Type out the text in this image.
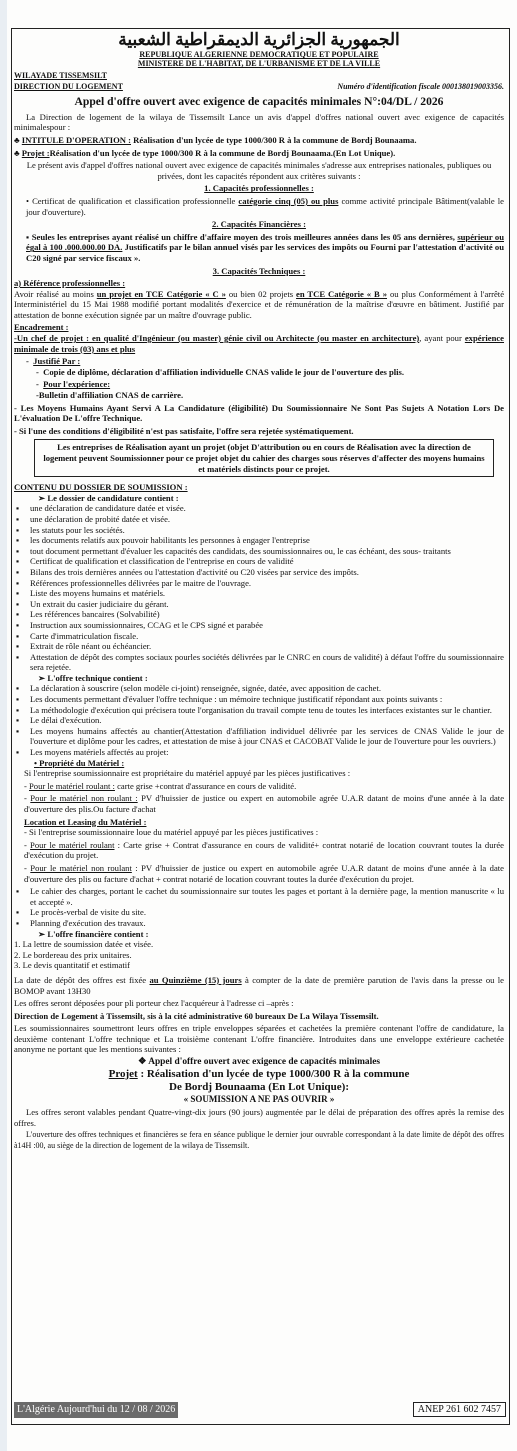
الجمهورية الجزائرية الديمقراطية الشعبية
REPUBLIQUE ALGERIENNE DEMOCRATIQUE ET POPULAIRE
MINISTERE DE L'HABITAT, DE L'URBANISME ET DE LA VILLE
WILAYADE TISSEMSILT
DIRECTION DU LOGEMENT	Numéro d'identification fiscale 000138019003356.
Appel d'offre ouvert avec exigence de capacités minimales N°:04/DL / 2026

La Direction de logement de la wilaya de Tissemsilt Lance un avis d'appel d'offres national ouvert avec exigence de capacités minimalespour :

♣ INTITULE D'OPERATION : Réalisation d'un lycée de type 1000/300 R à la commune de Bordj Bounaama.

♣ Projet :Réalisation d'un lycée de type 1000/300 R à la commune de Bordj Bounaama.(En Lot Unique).

Le présent avis d'appel d'offres national ouvert avec exigence de capacités minimales s'adresse aux entreprises nationales, publiques ou privées, dont les capacités répondent aux critères suivants :

1. Capacités professionnelles :

• Certificat de qualification et classification professionnelle catégorie cinq (05) ou plus comme activité principale Bâtiment(valable le jour d'ouverture).

2. Capacités Financières :

▪ Seules les entreprises ayant réalisé un chiffre d'affaire moyen des trois meilleures années dans les 05 ans dernières, supérieur ou égal à 100 .000.000.00 DA. Justificatifs par le bilan annuel visés par les services des impôts ou Fourni par l'attestation d'activité ou C20 signé par service fiscaux ».

3. Capacités Techniques :
a) Référence professionnelles :

Avoir réalisé au moins un projet en TCE Catégorie « C » ou bien 02 projets en TCE Catégorie « B » ou plus Conformément à l'arrêté Interministériel du 15 Mai 1988 modifié portant modalités d'exercice et de rémunération de la maîtrise d'œuvre en bâtiment. Justifié par attestation de bonne exécution signée par un maître d'ouvrage public.

Encadrement :

-Un chef de projet : en qualité d'Ingénieur (ou master) génie civil ou Architecte (ou master en architecture), ayant pour expérience minimale de trois (03) ans et plus

-  Justifié Par :

-  Copie de diplôme, déclaration d'affiliation individuelle CNAS valide le jour de l'ouverture des plis.

-  Pour l'expérience:

-Bulletin d'affiliation CNAS de carrière.

- Les Moyens Humains Ayant Servi A La Candidature (éligibilité) Du Soumissionnaire Ne Sont Pas Sujets A Notation Lors De L'évaluation De L'offre Technique.

- Si l'une des conditions d'éligibilité n'est pas satisfaite, l'offre sera rejetée systématiquement.

Les entreprises de Réalisation ayant un projet (objet D'attribution ou en cours de Réalisation avec la direction de logement peuvent Soumissionner pour ce projet objet du cahier des charges sous réserves d'affecter des moyens humains et matériels distincts pour ce projet.
CONTENU DU DOSSIER DE SOUMISSION :
➢ Le dossier de candidature contient :
▪ une déclaration de candidature datée et visée.
▪ une déclaration de probité datée et visée.
▪ les statuts pour les sociétés.
▪ les documents relatifs aux pouvoir habilitants les personnes à engager l'entreprise
▪ tout document permettant d'évaluer les capacités des candidats, des soumissionnaires ou, le cas échéant, des sous- traitants
▪ Certificat de qualification et classification de l'entreprise en cours de validité
▪ Bilans des trois dernières années ou l'attestation d'activité ou C20 visées par service des impôts.
▪ Références professionnelles délivrées par le maitre de l'ouvrage.
▪ Liste des moyens humains et matériels.
▪ Un extrait du casier judiciaire du gérant.
▪ Les références bancaires (Solvabilité)
▪ Instruction aux soumissionnaires, CCAG et le CPS signé et parabée
▪ Carte d'immatriculation fiscale.
▪ Extrait de rôle néant ou échéancier.
▪ Attestation de dépôt des comptes sociaux pourles sociétés délivrées par le CNRC en cours de validité) à défaut l'offre du soumissionnaire sera rejetée.
➢ L'offre technique contient :
▪ La déclaration à souscrire (selon modèle ci-joint) renseignée, signée, datée, avec apposition de cachet.
▪ Les documents permettant d'évaluer l'offre technique : un mémoire technique justificatif répondant aux points suivants :
▪ La méthodologie d'exécution qui précisera toute l'organisation du travail compte tenu de toutes les interfaces existantes sur le chantier.
▪ Le délai d'exécution.
▪ Les moyens humains affectés au chantier(Attestation d'affiliation individuel délivrée par les services de CNAS Valide le jour de l'ouverture et diplôme pour les cadres, et attestation de mise à jour CNAS et CACOBAT Valide le jour de l'ouverture pour les ouvriers.)
▪ Les moyens matériels affectés au projet:
• Propriété du Matériel :

Si l'entreprise soumissionnaire est propriétaire du matériel appuyé par les pièces justificatives :

- Pour le matériel roulant : carte grise +contrat d'assurance en cours de validité.

- Pour le matériel non roulant : PV d'huissier de justice ou expert en automobile agrée U.A.R datant de moins d'une année à la date d'ouverture des plis.Ou facture d'achat

Location et Leasing du Matériel :

- Si l'entreprise soumissionnaire loue du matériel appuyé par les pièces justificatives :

- Pour le matériel roulant : Carte grise + Contrat d'assurance en cours de validité+ contrat notarié de location couvrant toutes la durée d'exécution du projet.

- Pour le matériel non roulant : PV d'huissier de justice ou expert en automobile agrée U.A.R datant de moins d'une année à la date d'ouverture des plis ou facture d'achat + contrat notarié de location couvrant toutes la durée d'exécution du projet.

▪ Le cahier des charges, portant le cachet du soumissionnaire sur toutes les pages et portant à la dernière page, la mention manuscrite « lu et accepté ».
▪ Le procès-verbal de visite du site.
▪ Planning d'exécution des travaux.
➢ L'offre financière contient :
1. La lettre de soumission datée et visée.
2. Le bordereau des prix unitaires.
3. Le devis quantitatif et estimatif

La date de dépôt des offres est fixée au Quinzième (15) jours à compter de la date de première parution de l'avis dans la presse ou le BOMOP avant 13H30

Les offres seront déposées pour pli porteur chez l'acquéreur à l'adresse ci –après :

Direction de Logement à Tissemsilt, sis à la cité administrative 60 bureaux De La Wilaya Tissemsilt.

Les soumissionnaires soumettront leurs offres en triple enveloppes séparées et cachetées la première contenant l'offre de candidature, la deuxième contenant L'offre technique et La troisième contenant L'offre financière. Introduites dans une enveloppe extérieure cachetée anonyme ne portant que les mentions suivantes :

❖ Appel d'offre ouvert avec exigence de capacités minimales
Projet : Réalisation d'un lycée de type 1000/300 R à la commune
De Bordj Bounaama (En Lot Unique):
« SOUMISSION A NE PAS OUVRIR »

Les offres seront valables pendant Quatre-vingt-dix jours (90 jours) augmentée par le délai de préparation des offres après la remise des offres.

L'ouverture des offres techniques et financières se fera en séance publique le dernier jour ouvrable correspondant à la date limite de dépôt des offres à14H :00, au siège de la direction de logement de la wilaya de Tissemsilt.

L'Algérie Aujourd'hui du 12 / 08 / 2026	ANEP 261 602 7457
